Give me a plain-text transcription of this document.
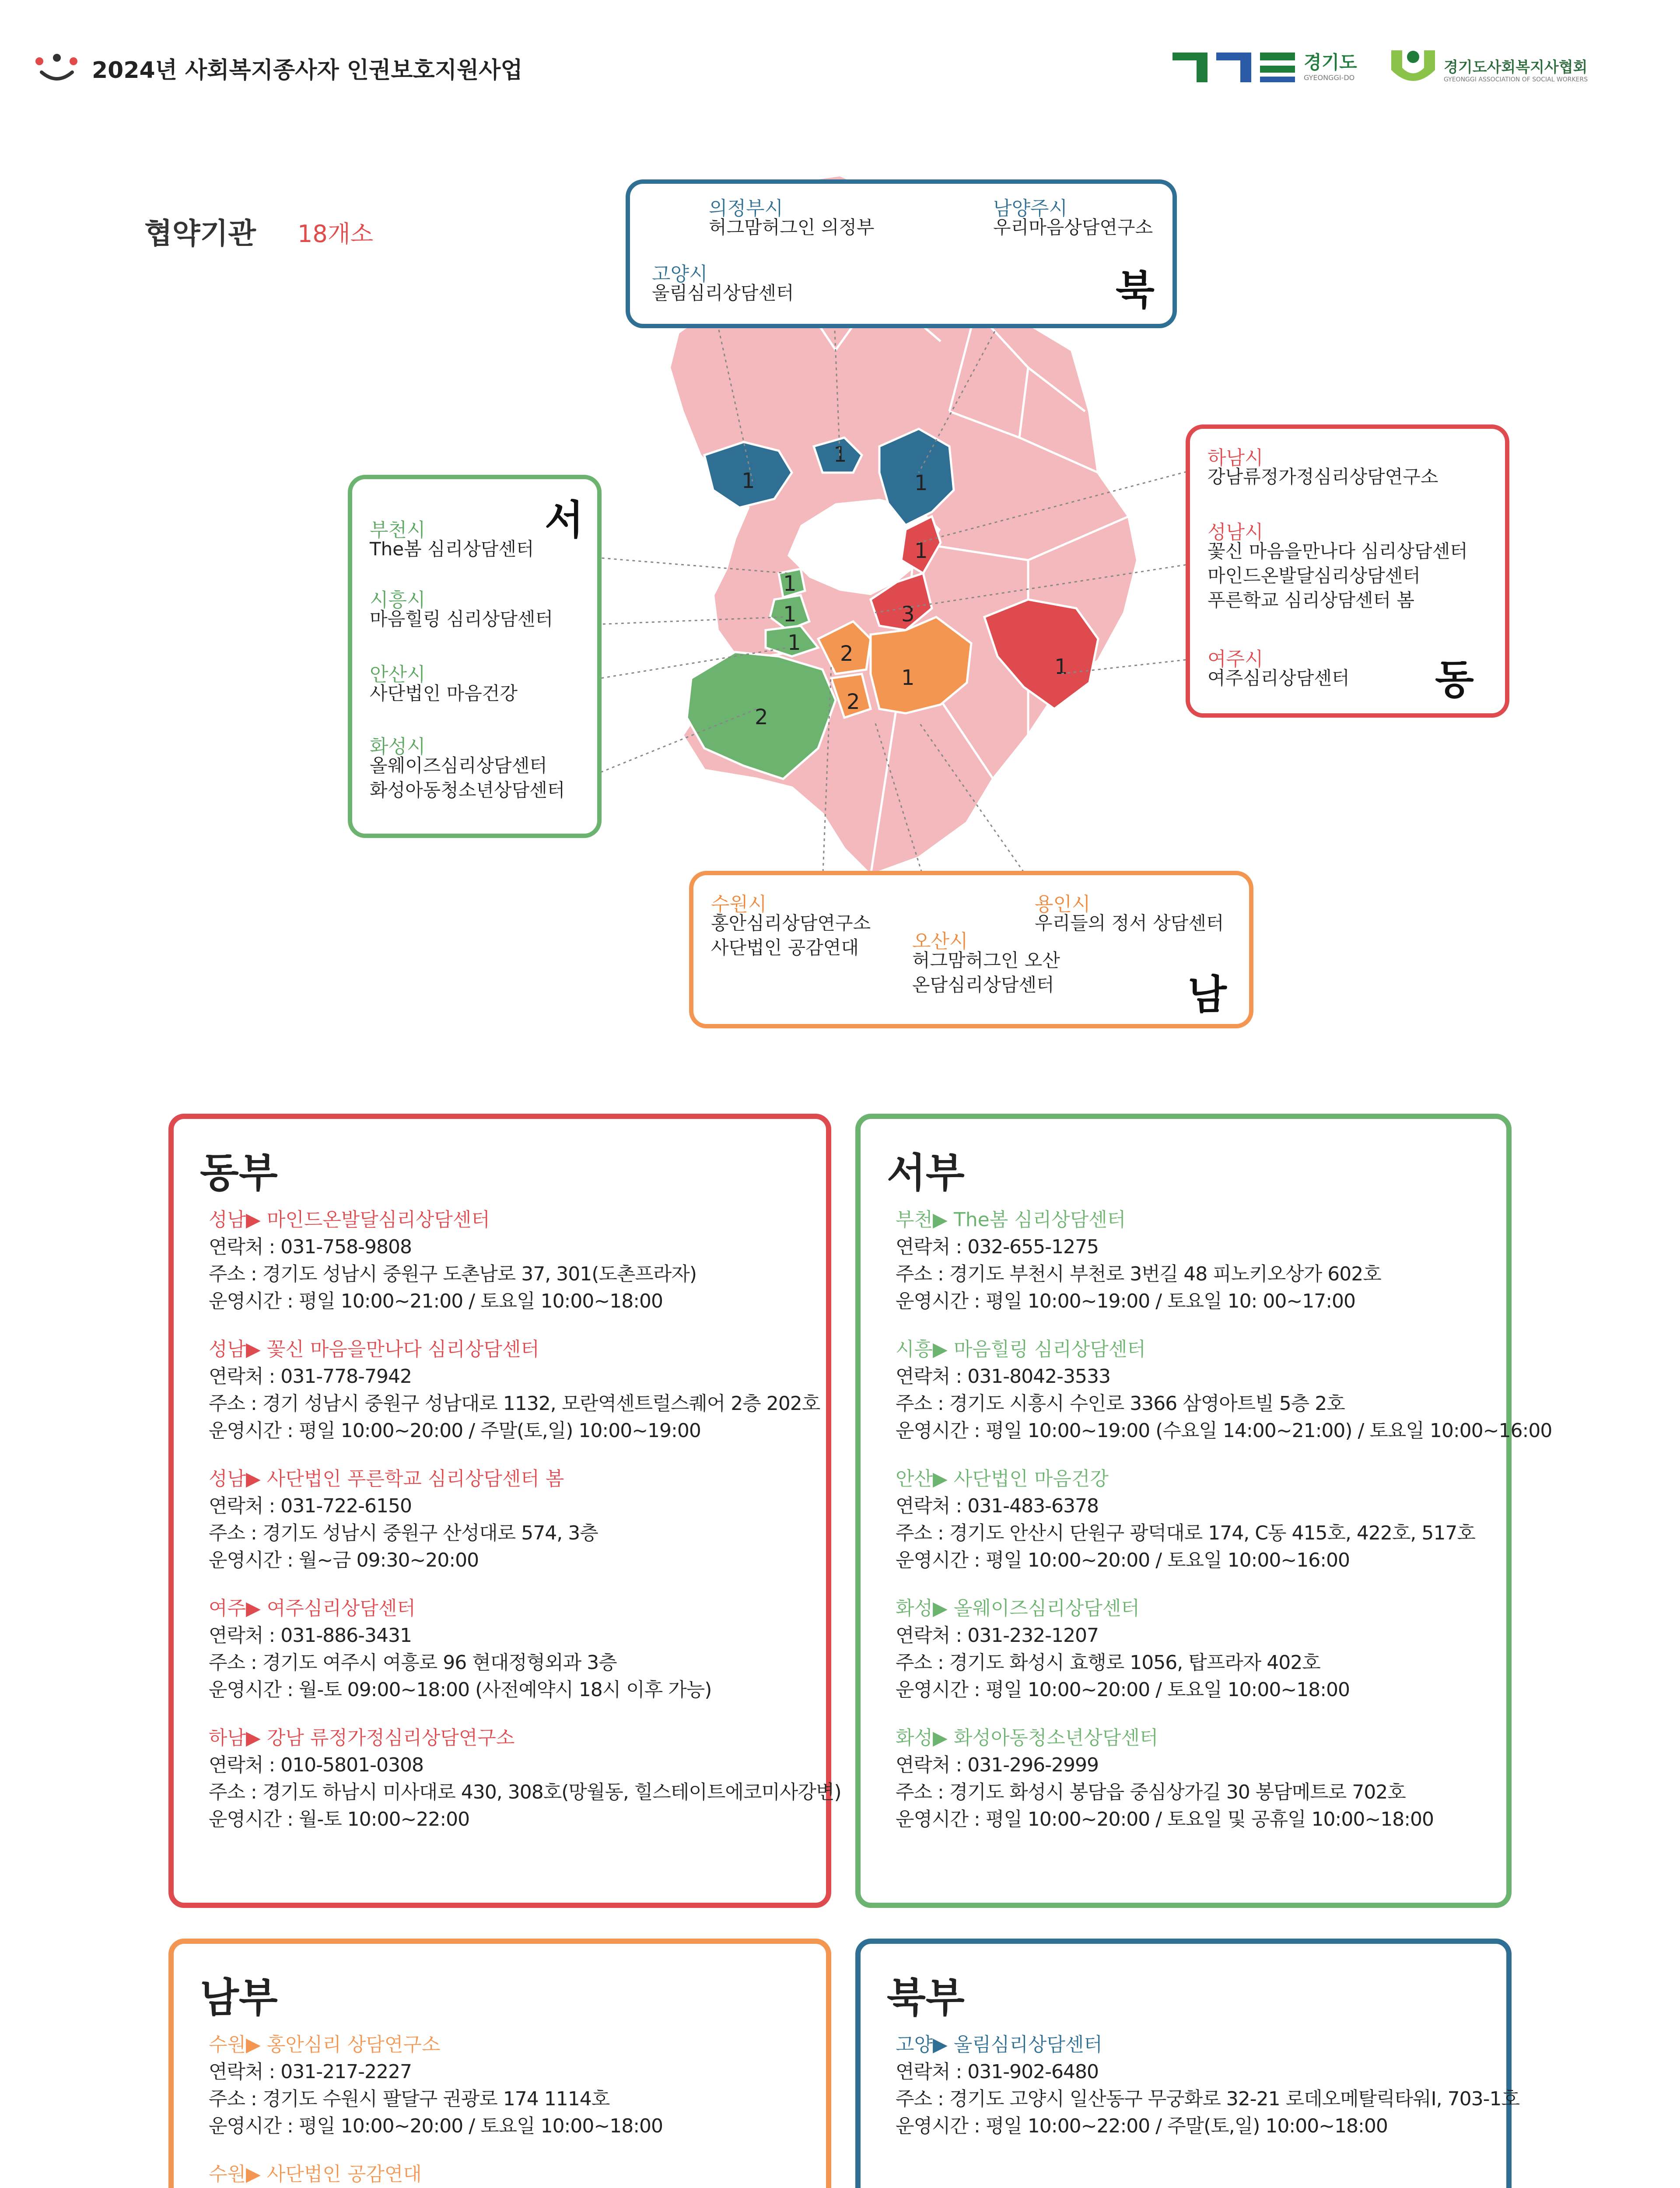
2024년 사회복지종사자 인권보호지원사업	경기도
GYEONGGI-DO
경기도사회복지사협회
GYEONGGI ASSOCIATION OF SOCIAL WORKERS
협약기관 18개소
1
1
1
1
3
1
1
1
1
2
2
2
1
의정부시
허그맘허그인 의정부
남양주시
우리마음상담연구소
고양시
울림심리상담센터	북
하남시
강남류정가정심리상담연구소
성남시
꽃신 마음을만나다 심리상담센터
마인드온발달심리상담센터
푸른학교 심리상담센터 봄
여주시
여주심리상담센터 동
서
부천시
The봄 심리상담센터
시흥시
마음힐링 심리상담센터
안산시
사단법인 마음건강
화성시
올웨이즈심리상담센터
화성아동청소년상담센터
수원시
홍안심리상담연구소
사단법인 공감연대
용인시
우리들의 정서 상담센터
오산시
허그맘허그인 오산
온담심리상담센터	남
동부
성남▶ 마인드온발달심리상담센터
연락처 : 031-758-9808
주소 : 경기도 성남시 중원구 도촌남로 37, 301(도촌프라자)
운영시간 : 평일 10:00~21:00 / 토요일 10:00~18:00
성남▶ 꽃신 마음을만나다 심리상담센터
연락처 : 031-778-7942
주소 : 경기 성남시 중원구 성남대로 1132, 모란역센트럴스퀘어 2층 202호
운영시간 : 평일 10:00~20:00 / 주말(토,일) 10:00~19:00
성남▶ 사단법인 푸른학교 심리상담센터 봄
연락처 : 031-722-6150
주소 : 경기도 성남시 중원구 산성대로 574, 3층
운영시간 : 월~금 09:30~20:00
여주▶ 여주심리상담센터
연락처 : 031-886-3431
주소 : 경기도 여주시 여흥로 96 현대정형외과 3층
운영시간 : 월-토 09:00~18:00 (사전예약시 18시 이후 가능)
하남▶ 강남 류정가정심리상담연구소
연락처 : 010-5801-0308
주소 : 경기도 하남시 미사대로 430, 308호(망월동, 힐스테이트에코미사강변)
운영시간 : 월-토 10:00~22:00
서부
부천▶ The봄 심리상담센터
연락처 : 032-655-1275
주소 : 경기도 부천시 부천로 3번길 48 피노키오상가 602호
운영시간 : 평일 10:00~19:00 / 토요일 10: 00~17:00
시흥▶ 마음힐링 심리상담센터
연락처 : 031-8042-3533
주소 : 경기도 시흥시 수인로 3366 삼영아트빌 5층 2호
운영시간 : 평일 10:00~19:00 (수요일 14:00~21:00) / 토요일 10:00~16:00
안산▶ 사단법인 마음건강
연락처 : 031-483-6378
주소 : 경기도 안산시 단원구 광덕대로 174, C동 415호, 422호, 517호
운영시간 : 평일 10:00~20:00 / 토요일 10:00~16:00
화성▶ 올웨이즈심리상담센터
연락처 : 031-232-1207
주소 : 경기도 화성시 효행로 1056, 탑프라자 402호
운영시간 : 평일 10:00~20:00 / 토요일 10:00~18:00
화성▶ 화성아동청소년상담센터
연락처 : 031-296-2999
주소 : 경기도 화성시 봉담읍 중심상가길 30 봉담메트로 702호
운영시간 : 평일 10:00~20:00 / 토요일 및 공휴일 10:00~18:00
남부
수원▶ 홍안심리 상담연구소
연락처 : 031-217-2227
주소 : 경기도 수원시 팔달구 권광로 174 1114호
운영시간 : 평일 10:00~20:00 / 토요일 10:00~18:00
수원▶ 사단법인 공감연대
북부
고양▶ 울림심리상담센터
연락처 : 031-902-6480
주소 : 경기도 고양시 일산동구 무궁화로 32-21 로데오메탈릭타워Ⅰ, 703-1호
운영시간 : 평일 10:00~22:00 / 주말(토,일) 10:00~18:00
